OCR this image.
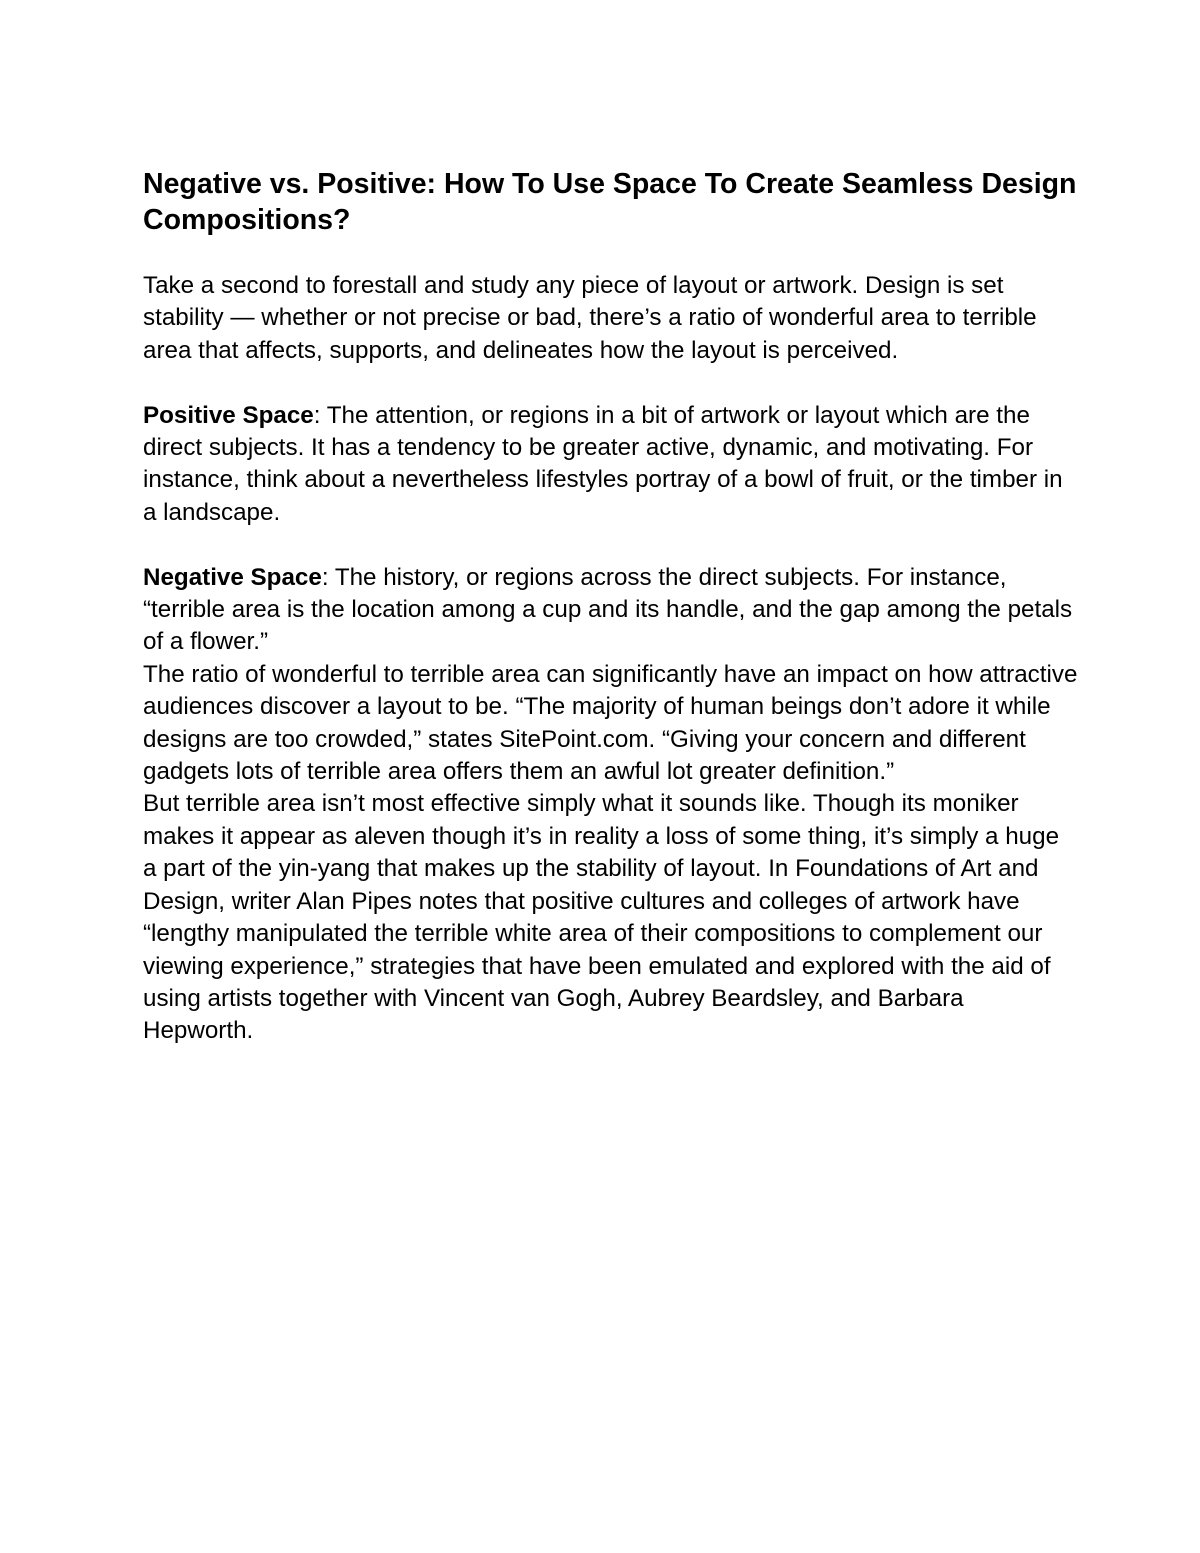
Negative vs. Positive: How To Use Space To Create Seamless Design Compositions?

Take a second to forestall and study any piece of layout or artwork. Design is set stability — whether or not precise or bad, there’s a ratio of wonderful area to terrible area that affects, supports, and delineates how the layout is perceived.

Positive Space: The attention, or regions in a bit of artwork or layout which are the direct subjects. It has a tendency to be greater active, dynamic, and motivating. For instance, think about a nevertheless lifestyles portray of a bowl of fruit, or the timber in a landscape.

Negative Space: The history, or regions across the direct subjects. For instance, “terrible area is the location among a cup and its handle, and the gap among the petals of a flower.”

The ratio of wonderful to terrible area can significantly have an impact on how attractive audiences discover a layout to be. “The majority of human beings don’t adore it while designs are too crowded,” states SitePoint.com. “Giving your concern and different gadgets lots of terrible area offers them an awful lot greater definition.”

But terrible area isn’t most effective simply what it sounds like. Though its moniker makes it appear as aleven though it’s in reality a loss of some thing, it’s simply a huge a part of the yin-yang that makes up the stability of layout. In Foundations of Art and Design, writer Alan Pipes notes that positive cultures and colleges of artwork have “lengthy manipulated the terrible white area of their compositions to complement our viewing experience,” strategies that have been emulated and explored with the aid of using artists together with Vincent van Gogh, Aubrey Beardsley, and Barbara Hepworth.
